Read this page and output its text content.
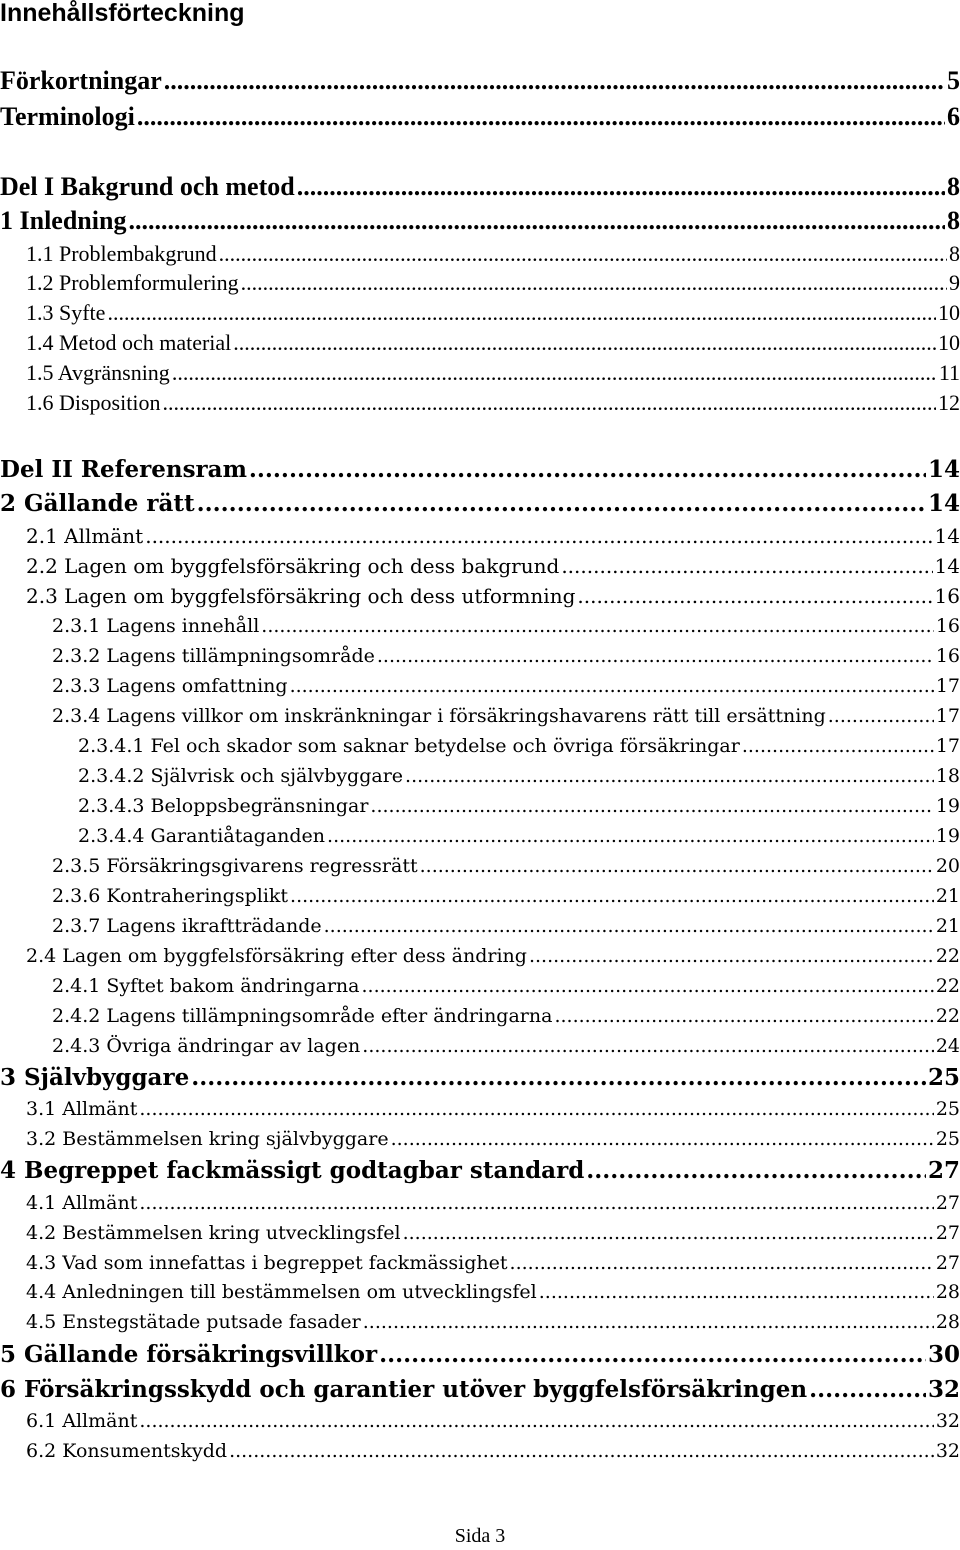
Innehållsförteckning
Förkortningar .....	5
Terminologi .....	6
Del I Bakgrund och metod .....	8
1 Inledning .....	8
1.1 Problembakgrund .....	8
1.2 Problemformulering .....	9
1.3 Syfte .....	10
1.4 Metod och material .....	10
1.5 Avgränsning .....	11
1.6 Disposition .....	12
Del II Referensram .....	14
2 Gällande rätt .....	14
2.1 Allmänt .....	14
2.2 Lagen om byggfelsförsäkring och dess bakgrund .....	14
2.3 Lagen om byggfelsförsäkring och dess utformning .....	16
2.3.1 Lagens innehåll .....	16
2.3.2 Lagens tillämpningsområde .....	16
2.3.3 Lagens omfattning .....	17
2.3.4 Lagens villkor om inskränkningar i försäkringshavarens rätt till ersättning .....	17
2.3.4.1 Fel och skador som saknar betydelse och övriga försäkringar .....	17
2.3.4.2 Självrisk och självbyggare .....	18
2.3.4.3 Beloppsbegränsningar .....	19
2.3.4.4 Garantiåtaganden .....	19
2.3.5 Försäkringsgivarens regressrätt .....	20
2.3.6 Kontraheringsplikt .....	21
2.3.7 Lagens ikraftträdande .....	21
2.4 Lagen om byggfelsförsäkring efter dess ändring .....	22
2.4.1 Syftet bakom ändringarna .....	22
2.4.2 Lagens tillämpningsområde efter ändringarna .....	22
2.4.3 Övriga ändringar av lagen .....	24
3 Självbyggare .....	25
3.1 Allmänt .....	25
3.2 Bestämmelsen kring självbyggare .....	25
4 Begreppet fackmässigt godtagbar standard .....	27
4.1 Allmänt .....	27
4.2 Bestämmelsen kring utvecklingsfel .....	27
4.3 Vad som innefattas i begreppet fackmässighet .....	27
4.4 Anledningen till bestämmelsen om utvecklingsfel .....	28
4.5 Enstegstätade putsade fasader .....	28
5 Gällande försäkringsvillkor .....	30
6 Försäkringsskydd och garantier utöver byggfelsförsäkringen .....	32
6.1 Allmänt .....	32
6.2 Konsumentskydd .....	32
Sida 3
